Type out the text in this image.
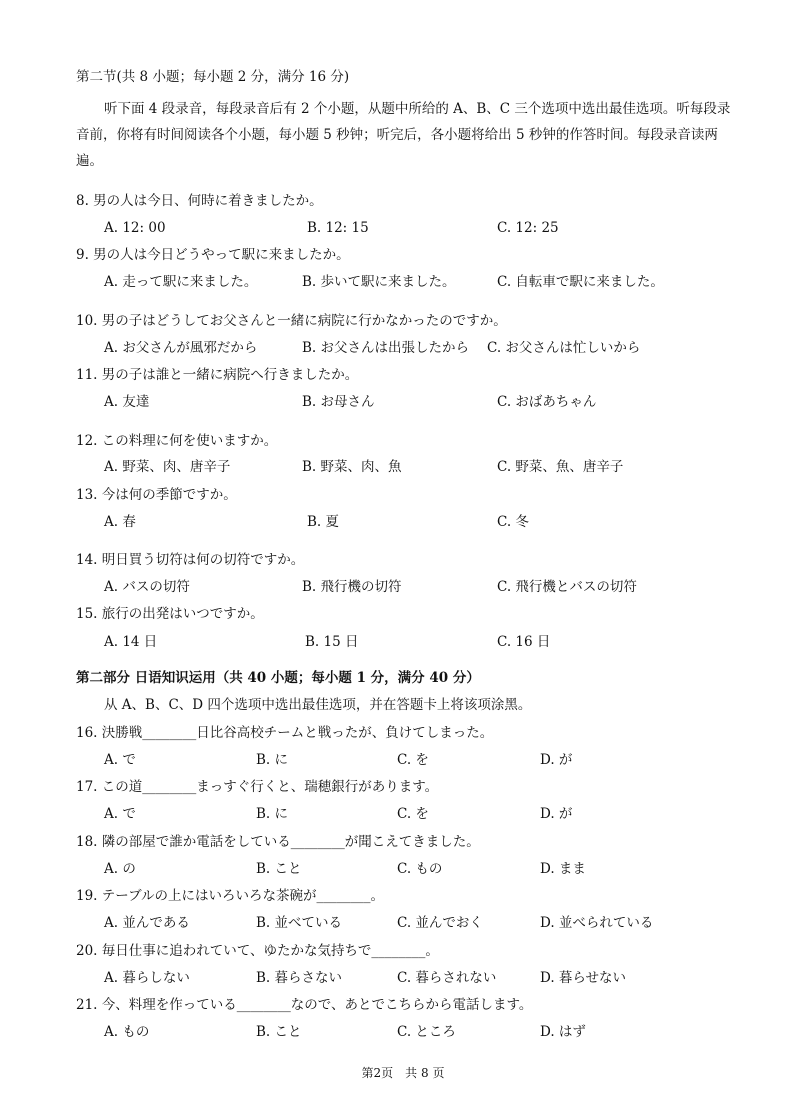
第二节(共 8 小题；每小题 2 分，满分 16 分)
听下面 4 段录音，每段录音后有 2 个小题，从题中所给的 A、B、C 三个选项中选出最佳选项。听每段录音前，你将有时间阅读各个小题，每小题 5 秒钟；听完后，各小题将给出 5 秒钟的作答时间。每段录音读两遍。
8. 男の人は今日、何時に着きましたか。
A. 12: 00	B. 12: 15	C. 12: 25
9. 男の人は今日どうやって駅に来ましたか。
A. 走って駅に来ました。	B. 歩いて駅に来ました。	C. 自転車で駅に来ました。
10. 男の子はどうしてお父さんと一緒に病院に行かなかったのですか。
A. お父さんが風邪だから	B. お父さんは出張したから C. お父さんは忙しいから
11. 男の子は誰と一緒に病院へ行きましたか。
A. 友達	B. お母さん	C. おばあちゃん
12. この料理に何を使いますか。
A. 野菜、肉、唐辛子	B. 野菜、肉、魚	C. 野菜、魚、唐辛子
13. 今は何の季節ですか。
A. 春	B. 夏	C. 冬
14. 明日買う切符は何の切符ですか。
A. バスの切符	B. 飛行機の切符	C. 飛行機とバスの切符
15. 旅行の出発はいつですか。
A. 14 日	B. 15 日	C. 16 日
第二部分 日语知识运用（共 40 小题；每小题 1 分，满分 40 分）
从 A、B、C、D 四个选项中选出最佳选项，并在答题卡上将该项涂黑。
16. 決勝戦________日比谷高校チームと戦ったが、負けてしまった。
A. で	B. に	C. を	D. が
17. この道________まっすぐ行くと、瑞穂銀行があります。
A. で	B. に	C. を	D. が
18. 隣の部屋で誰か電話をしている________が聞こえてきました。
A. の	B. こと	C. もの	D. まま
19. テーブルの上にはいろいろな茶碗が________。
A. 並んである	B. 並べている	C. 並んでおく	D. 並べられている
20. 毎日仕事に追われていて、ゆたかな気持ちで________。
A. 暮らしない	B. 暮らさない	C. 暮らされない	D. 暮らせない
21. 今、料理を作っている________なので、あとでこちらから電話します。
A. もの	B. こと	C. ところ	D. はず
第2页　共 8 页
